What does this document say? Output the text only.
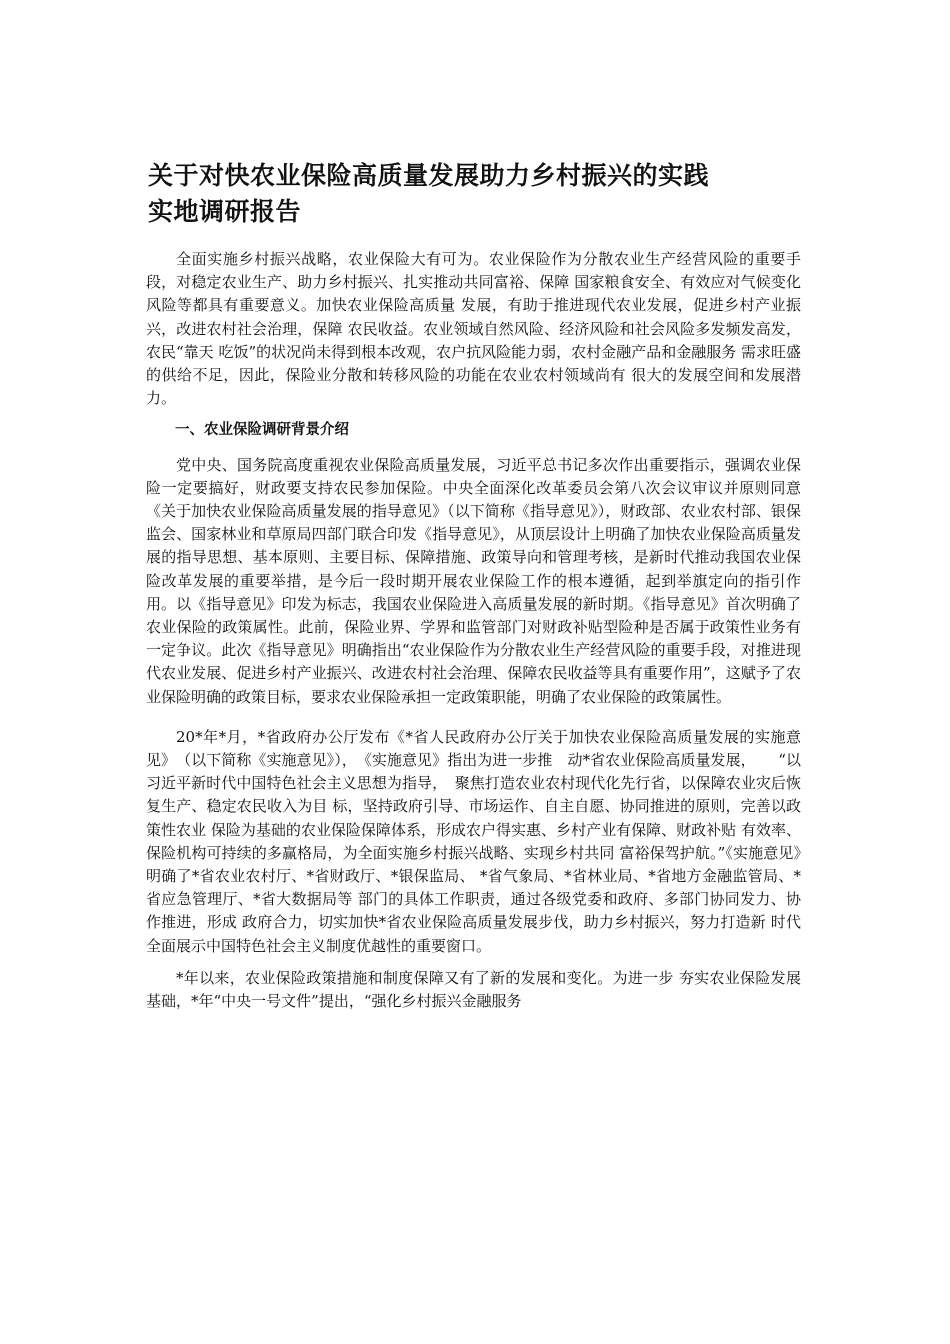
关于对快农业保险高质量发展助力乡村振兴的实践
实地调研报告

全面实施乡村振兴战略，农业保险大有可为。农业保险作为分散农业生产经营风险的重要手段，对稳定农业生产、助力乡村振兴、扎实推动共同富裕、保障 国家粮食安全、有效应对气候变化风险等都具有重要意义。加快农业保险高质量 发展，有助于推进现代农业发展，促进乡村产业振兴，改进农村社会治理，保障 农民收益。农业领域自然风险、经济风险和社会风险多发频发高发，农民“靠天 吃饭”的状况尚未得到根本改观，农户抗风险能力弱，农村金融产品和金融服务 需求旺盛的供给不足，因此，保险业分散和转移风险的功能在农业农村领域尚有 很大的发展空间和发展潜力。

一、农业保险调研背景介绍

党中央、国务院高度重视农业保险高质量发展，习近平总书记多次作出重要指示，强调农业保险一定要搞好，财政要支持农民参加保险。中央全面深化改革委员会第八次会议审议并原则同意《关于加快农业保险高质量发展的指导意见》（以下简称《指导意见》），财政部、农业农村部、银保监会、国家林业和草原局四部门联合印发《指导意见》，从顶层设计上明确了加快农业保险高质量发展的指导思想、基本原则、主要目标、保障措施、政策导向和管理考核，是新时代推动我国农业保险改革发展的重要举措，是今后一段时期开展农业保险工作的根本遵循，起到举旗定向的指引作用。以《指导意见》印发为标志，我国农业保险进入高质量发展的新时期。《指导意见》首次明确了农业保险的政策属性。此前，保险业界、学界和监管部门对财政补贴型险种是否属于政策性业务有一定争议。此次《指导意见》明确指出“农业保险作为分散农业生产经营风险的重要手段，对推进现代农业发展、促进乡村产业振兴、改进农村社会治理、保障农民收益等具有重要作用”，这赋予了农业保险明确的政策目标，要求农业保险承担一定政策职能，明确了农业保险的政策属性。

20*年*月，*省政府办公厅发布《*省人民政府办公厅关于加快农业保险高质量发展的实施意见》　（以下简称《实施意见》），　《实施意见》指出为进一步推　动*省农业保险高质量发展，　　“以习近平新时代中国特色社会主义思想为指导，　聚焦打造农业农村现代化先行省，以保障农业灾后恢复生产、稳定农民收入为目 标，坚持政府引导、市场运作、自主自愿、协同推进的原则，完善以政策性农业 保险为基础的农业保险保障体系，形成农户得实惠、乡村产业有保障、财政补贴 有效率、保险机构可持续的多赢格局，为全面实施乡村振兴战略、实现乡村共同 富裕保驾护航。”《实施意见》明确了*省农业农村厅、*省财政厅、*银保监局、 *省气象局、*省林业局、*省地方金融监管局、*省应急管理厅、*省大数据局等 部门的具体工作职责，通过各级党委和政府、多部门协同发力、协作推进，形成 政府合力，切实加快*省农业保险高质量发展步伐，助力乡村振兴，努力打造新 时代全面展示中国特色社会主义制度优越性的重要窗口。

*年以来，农业保险政策措施和制度保障又有了新的发展和变化。为进一步 夯实农业保险发展基础，*年“中央一号文件”提出，“强化乡村振兴金融服务
